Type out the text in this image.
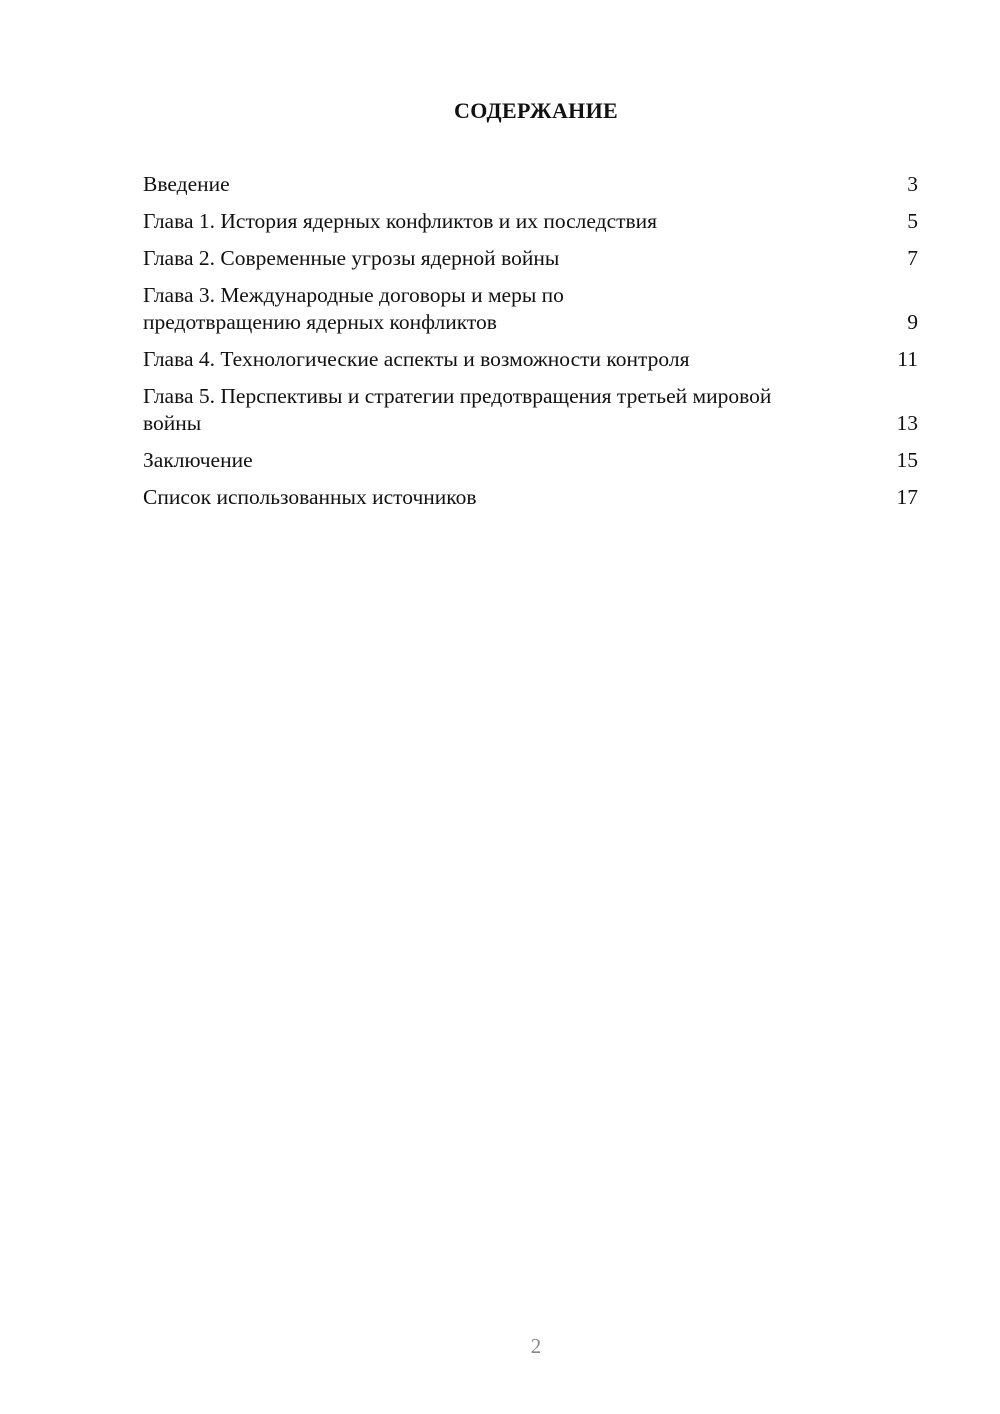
СОДЕРЖАНИЕ
Введение	3
Глава 1. История ядерных конфликтов и их последствия	5
Глава 2. Современные угрозы ядерной войны	7
Глава 3. Международные договоры и меры по предотвращению ядерных конфликтов	9
Глава 4. Технологические аспекты и возможности контроля	11
Глава 5. Перспективы и стратегии предотвращения третьей мировой войны	13
Заключение	15
Список использованных источников	17
2
